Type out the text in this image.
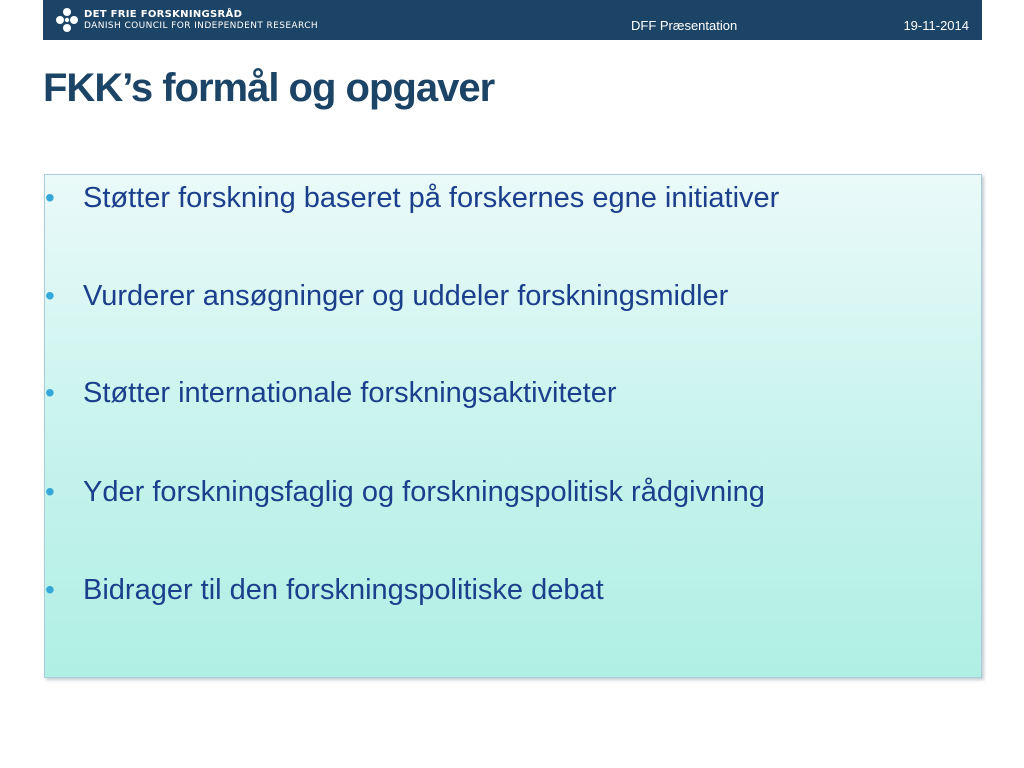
DET FRIE FORSKNINGSRÅD
DANISH COUNCIL FOR INDEPENDENT RESEARCH	DFF Præsentation	19-11-2014
FKK’s formål og opgaver
• Støtter forskning baseret på forskernes egne initiativer
• Vurderer ansøgninger og uddeler forskningsmidler
• Støtter internationale forskningsaktiviteter
• Yder forskningsfaglig og forskningspolitisk rådgivning
• Bidrager til den forskningspolitiske debat
